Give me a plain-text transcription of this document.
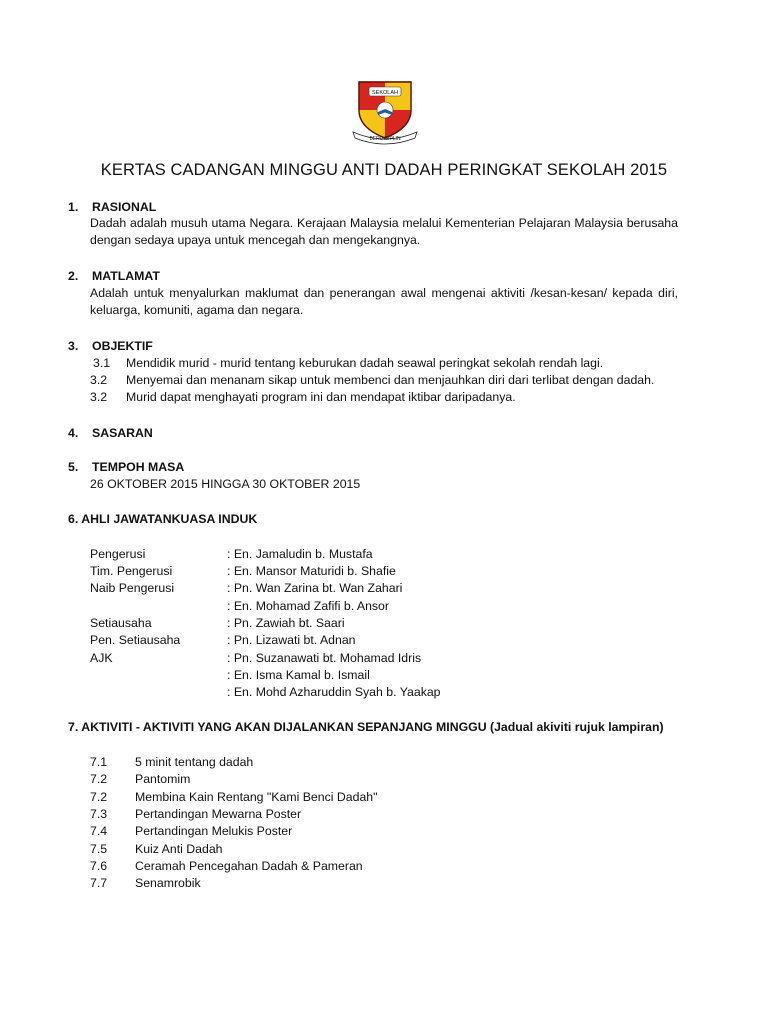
SEKOLAH
BERDISIPLIN
KERTAS CADANGAN MINGGU ANTI DADAH PERINGKAT SEKOLAH 2015
1. RASIONAL
Dadah adalah musuh utama Negara. Kerajaan Malaysia melalui Kementerian Pelajaran Malaysia berusaha dengan sedaya upaya untuk mencegah dan mengekangnya.
2. MATLAMAT
Adalah untuk menyalurkan maklumat dan penerangan awal mengenai aktiviti /kesan-kesan/ kepada diri, keluarga, komuniti, agama dan negara.
3. OBJEKTIF
3.1 Mendidik murid - murid tentang keburukan dadah seawal peringkat sekolah rendah lagi.
3.2 Menyemai dan menanam sikap untuk membenci dan menjauhkan diri dari terlibat dengan dadah.
3.2 Murid dapat menghayati program ini dan mendapat iktibar daripadanya.
4. SASARAN
5. TEMPOH MASA
26 OKTOBER 2015 HINGGA 30 OKTOBER 2015
6. AHLI JAWATANKUASA INDUK
Pengerusi	: En. Jamaludin b. Mustafa
Tim. Pengerusi	: En. Mansor Maturidi b. Shafie
Naib Pengerusi	: Pn. Wan Zarina bt. Wan Zahari
: En. Mohamad Zafifi b. Ansor
Setiausaha	: Pn. Zawiah bt. Saari
Pen. Setiausaha	: Pn. Lizawati bt. Adnan
AJK	: Pn. Suzanawati bt. Mohamad Idris
: En. Isma Kamal b. Ismail
: En. Mohd Azharuddin Syah b. Yaakap
7. AKTIVITI - AKTIVITI YANG AKAN DIJALANKAN SEPANJANG MINGGU (Jadual akiviti rujuk lampiran)
7.1 5 minit tentang dadah
7.2 Pantomim
7.2 Membina Kain Rentang "Kami Benci Dadah"
7.3 Pertandingan Mewarna Poster
7.4 Pertandingan Melukis Poster
7.5 Kuiz Anti Dadah
7.6 Ceramah Pencegahan Dadah & Pameran
7.7 Senamrobik
